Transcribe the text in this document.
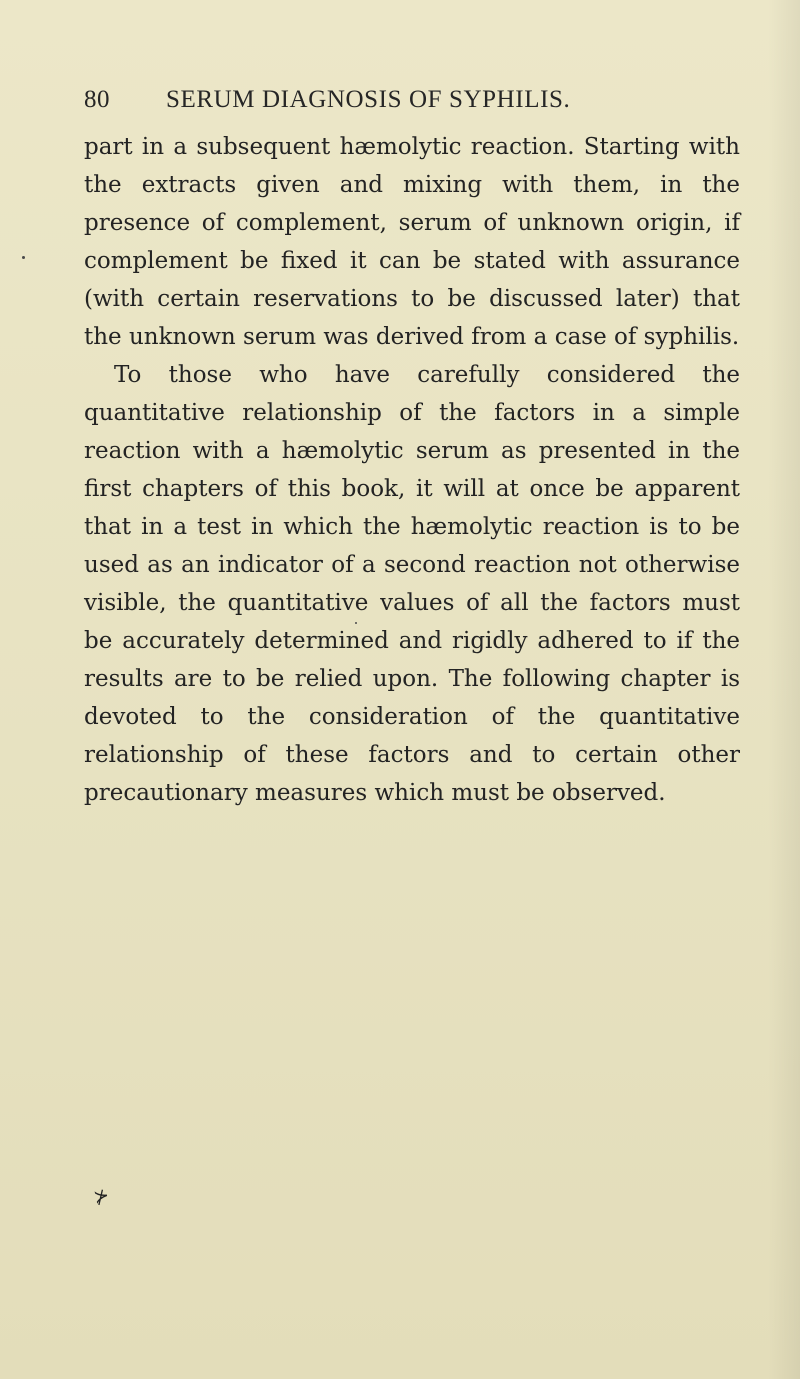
80 SERUM DIAGNOSIS OF SYPHILIS.

part in a subsequent hæmolytic reaction. Starting with the extracts given and mixing with them, in the presence of complement, serum of unknown origin, if complement be fixed it can be stated with assurance (with certain reservations to be discussed later) that the unknown serum was derived from a case of syphilis.

To those who have carefully considered the quantitative relationship of the factors in a simple reaction with a hæmolytic serum as presented in the first chapters of this book, it will at once be apparent that in a test in which the hæmolytic reaction is to be used as an indicator of a second reaction not otherwise visible, the quantitative values of all the factors must be accurately determined and rigidly adhered to if the results are to be relied upon. The following chapter is devoted to the consideration of the quantitative relationship of these factors and to certain other precautionary measures which must be observed.

⊁
